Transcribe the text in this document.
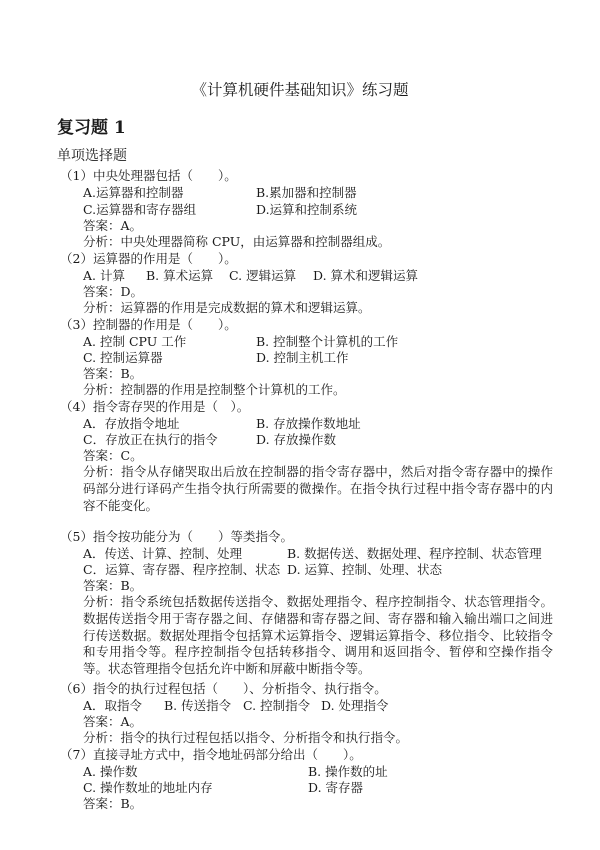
《计算机硬件基础知识》练习题
复习题 1
单项选择题
（1）中央处理器包括（　　）。
A.运算器和控制器	B.累加器和控制器
C.运算器和寄存器组	D.运算和控制系统
答案：A。
分析：中央处理器简称 CPU，由运算器和控制器组成。
（2）运算器的作用是（　　）。
A. 计算 B. 算术运算 C. 逻辑运算 D. 算术和逻辑运算
答案：D。
分析：运算器的作用是完成数据的算术和逻辑运算。
（3）控制器的作用是（　　）。
A. 控制 CPU 工作	B. 控制整个计算机的工作
C. 控制运算器	D. 控制主机工作
答案：B。
分析：控制器的作用是控制整个计算机的工作。
（4）指令寄存哭的作用是（　）。
A．存放指令地址	B. 存放操作数地址
C．存放正在执行的指令	D. 存放操作数
答案：C。
分析：指令从存储哭取出后放在控制器的指令寄存器中，然后对指令寄存器中的操作码部分进行译码产生指令执行所需要的微操作。在指令执行过程中指令寄存器中的内容不能变化。
（5）指令按功能分为（　　）等类指令。
A．传送、计算、控制、处理	B. 数据传送、数据处理、程序控制、状态管理
C．运算、寄存器、程序控制、状态 D. 运算、控制、处理、状态
答案：B。
分析：指令系统包括数据传送指令、数据处理指令、程序控制指令、状态管理指令。数据传送指令用于寄存器之间、存储器和寄存器之间、寄存器和输入输出端口之间进行传送数据。数据处理指令包括算术运算指令、逻辑运算指令、移位指令、比较指令和专用指令等。程序控制指令包括转移指令、调用和返回指令、暂停和空操作指令等。状态管理指令包括允许中断和屏蔽中断指令等。
（6）指令的执行过程包括（　　）、分析指令、执行指令。
A．取指令 B. 传送指令 C. 控制指令 D. 处理指令
答案：A。
分析：指令的执行过程包括以指令、分析指令和执行指令。
（7）直接寻址方式中，指令地址码部分给出（　　）。
A. 操作数	B. 操作数的址
C. 操作数址的地址内存	D. 寄存器
答案：B。
